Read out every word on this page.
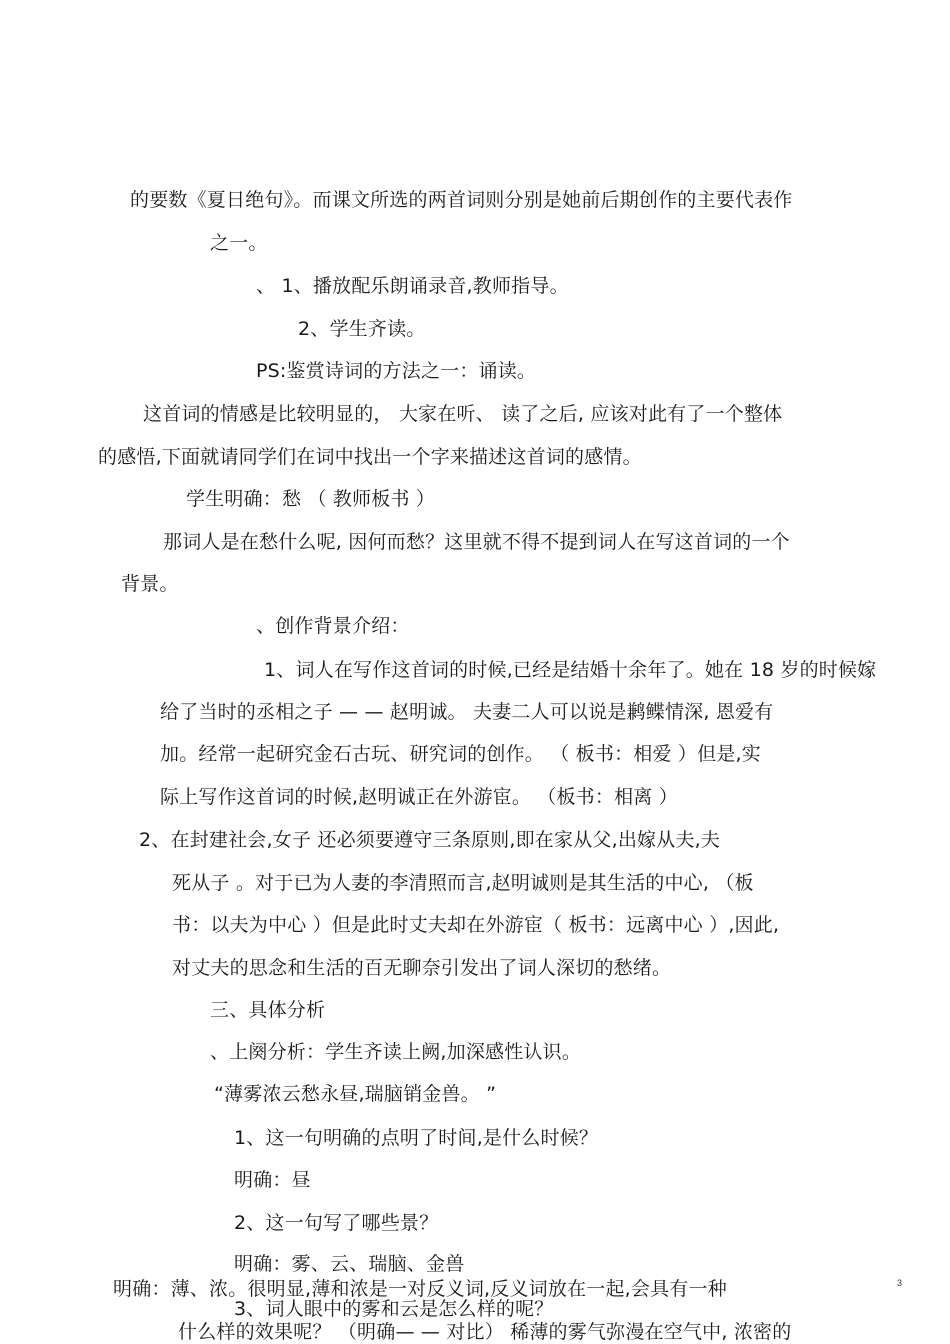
的要数《夏日绝句》。而课文所选的两首词则分别是她前后期创作的主要代表作
之一。
、 1、播放配乐朗诵录音,教师指导。
2、学生齐读。
PS:鉴赏诗词的方法之一：诵读。
这首词的情感是比较明显的， 大家在听、 读了之后, 应该对此有了一个整体
的感悟,下面就请同学们在词中找出一个字来描述这首词的感情。
学生明确：愁 （ 教师板书 ）
那词人是在愁什么呢, 因何而愁？这里就不得不提到词人在写这首词的一个
背景。
、创作背景介绍：
1、词人在写作这首词的时候,已经是结婚十余年了。她在 18 岁的时候嫁
给了当时的丞相之子 — — 赵明诚。 夫妻二人可以说是鹣鲽情深, 恩爱有
加。经常一起研究金石古玩、研究词的创作。 （ 板书：相爱 ）但是,实
际上写作这首词的时候,赵明诚正在外游宦。 （板书：相离 ）
2、在封建社会,女子 还必须要遵守三条原则,即在家从父,出嫁从夫,夫
死从子 。对于已为人妻的李清照而言,赵明诚则是其生活的中心, （板
书：以夫为中心 ）但是此时丈夫却在外游宦（ 板书：远离中心 ）,因此,
对丈夫的思念和生活的百无聊奈引发出了词人深切的愁绪。
三、具体分析
、上阕分析：学生齐读上阙,加深感性认识。
“薄雾浓云愁永昼,瑞脑销金兽。 ”
1、这一句明确的点明了时间,是什么时候？
明确：昼
2、这一句写了哪些景？
明确：雾、云、瑞脑、金兽
明确：薄、浓。很明显,薄和浓是一对反义词,反义词放在一起,会具有一种
3、词人眼中的雾和云是怎么样的呢？
什么样的效果呢？ （明确— — 对比） 稀薄的雾气弥漫在空气中, 浓密的
3
